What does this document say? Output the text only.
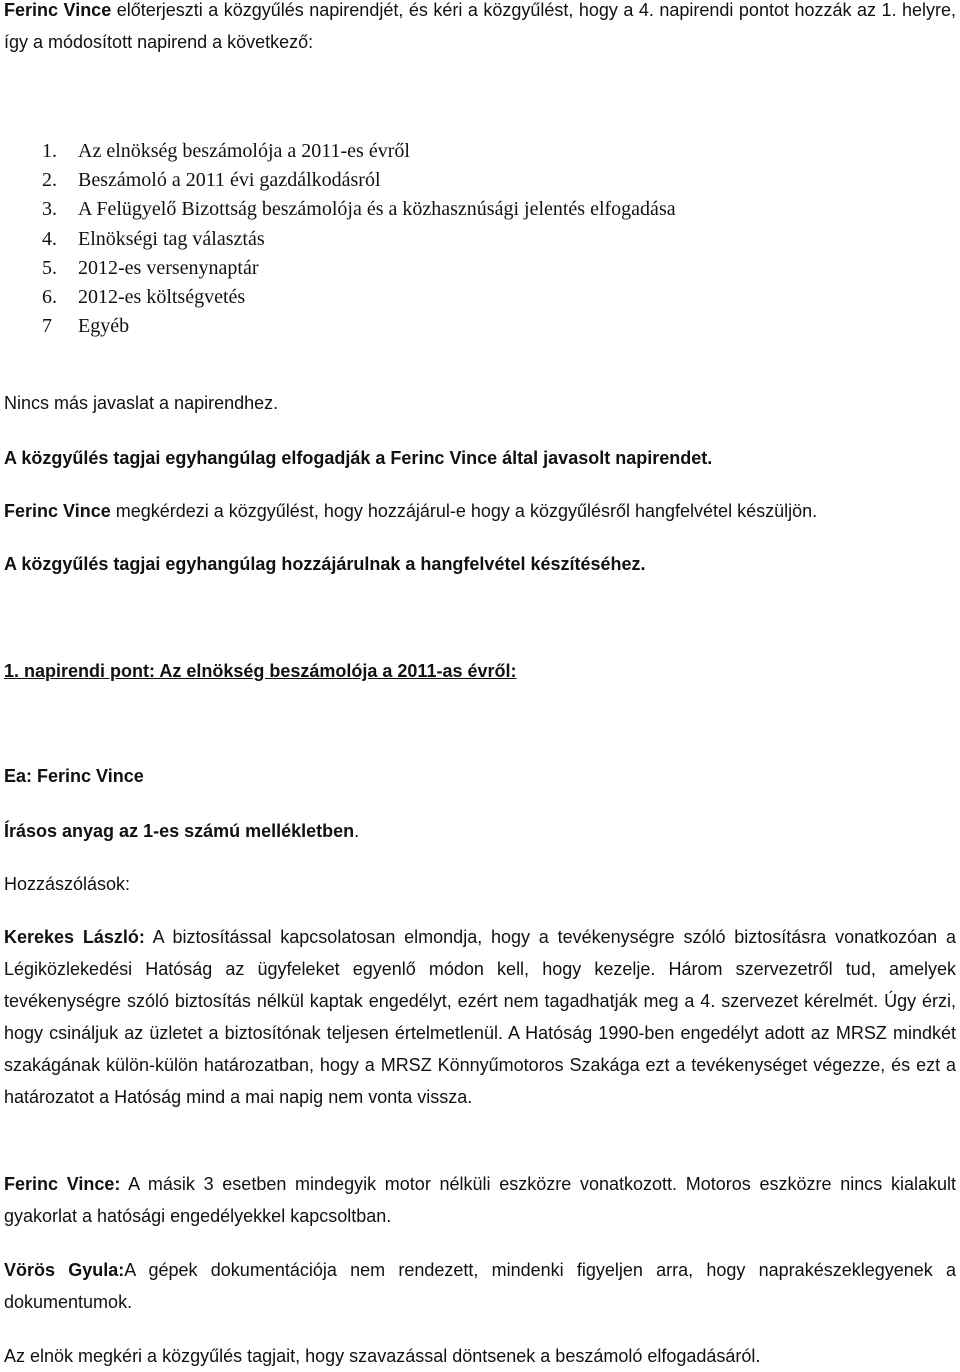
Ferinc Vince előterjeszti a közgyűlés napirendjét, és kéri a közgyűlést, hogy a 4. napirendi pontot hozzák az 1. helyre, így a módosított napirend a következő:
1.	Az elnökség beszámolója a 2011-es évről
2.	Beszámoló a 2011 évi gazdálkodásról
3.	A Felügyelő Bizottság beszámolója és a közhasznúsági jelentés elfogadása
4.	Elnökségi tag választás
5.	2012-es versenynaptár
6.	2012-es költségvetés
7	Egyéb
Nincs más javaslat a napirendhez.
A közgyűlés tagjai egyhangúlag elfogadják a Ferinc Vince által javasolt napirendet.
Ferinc Vince megkérdezi a közgyűlést, hogy hozzájárul-e hogy a közgyűlésről hangfelvétel készüljön.
A közgyűlés tagjai egyhangúlag hozzájárulnak a hangfelvétel készítéséhez.
1. napirendi pont: Az elnökség beszámolója a 2011-as évről:
Ea: Ferinc Vince
Írásos anyag az 1-es számú mellékletben.
Hozzászólások:
Kerekes László: A biztosítással kapcsolatosan elmondja, hogy a tevékenységre szóló biztosításra vonatkozóan a Légiközlekedési Hatóság az ügyfeleket egyenlő módon kell, hogy kezelje. Három szervezetről tud, amelyek tevékenységre szóló biztosítás nélkül kaptak engedélyt, ezért nem tagadhatják meg a 4. szervezet kérelmét. Úgy érzi, hogy csináljuk az üzletet a biztosítónak teljesen értelmetlenül. A Hatóság 1990-ben engedélyt adott az MRSZ mindkét szakágának külön-külön határozatban, hogy a MRSZ Könnyűmotoros Szakága ezt a tevékenységet végezze, és ezt a határozatot a Hatóság mind a mai napig nem vonta vissza.
Ferinc Vince: A másik 3 esetben mindegyik motor nélküli eszközre vonatkozott. Motoros eszközre nincs kialakult gyakorlat a hatósági engedélyekkel kapcsoltban.
Vörös Gyula:A gépek dokumentációja nem rendezett, mindenki figyeljen arra, hogy naprakészeklegyenek a dokumentumok.
Az elnök megkéri a közgyűlés tagjait, hogy szavazással döntsenek a beszámoló elfogadásáról.
